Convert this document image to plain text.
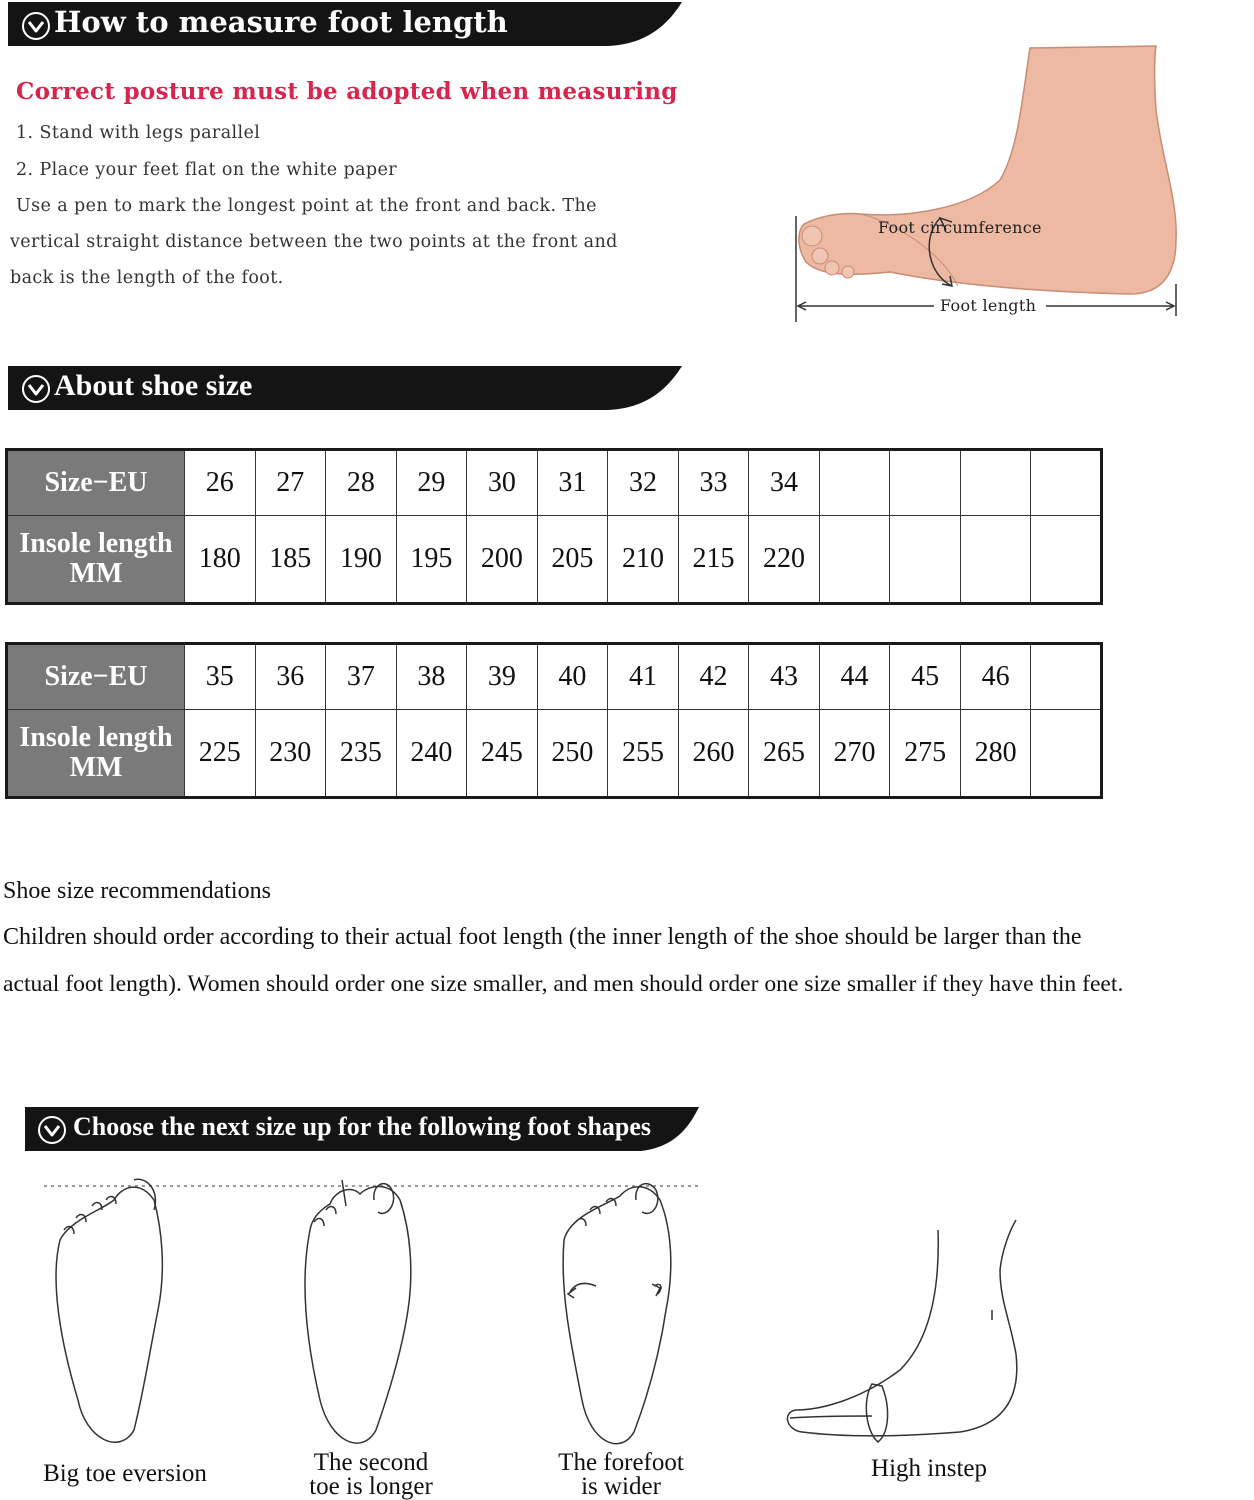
How to measure foot length
Correct posture must be adopted when measuring
1. Stand with legs parallel
2. Place your feet flat on the white paper
Use a pen to mark the longest point at the front and back. The
vertical straight distance between the two points at the front and
back is the length of the foot.
Foot circumference
Foot length
About shoe size
Size−EU	26	27	28	29	30	31	32	33	34				

Insole length
MM	180	185	190	195	200	205	210	215	220				
Size−EU	35	36	37	38	39	40	41	42	43	44	45	46	

Insole length
MM	225	230	235	240	245	250	255	260	265	270	275	280	
Shoe size recommendations
Children should order according to their actual foot length (the inner length of the shoe should be larger than the
actual foot length). Women should order one size smaller, and men should order one size smaller if they have thin feet.
Choose the next size up for the following foot shapes
Big toe eversion	The second
toe is longer
The forefoot
is wider
High instep
